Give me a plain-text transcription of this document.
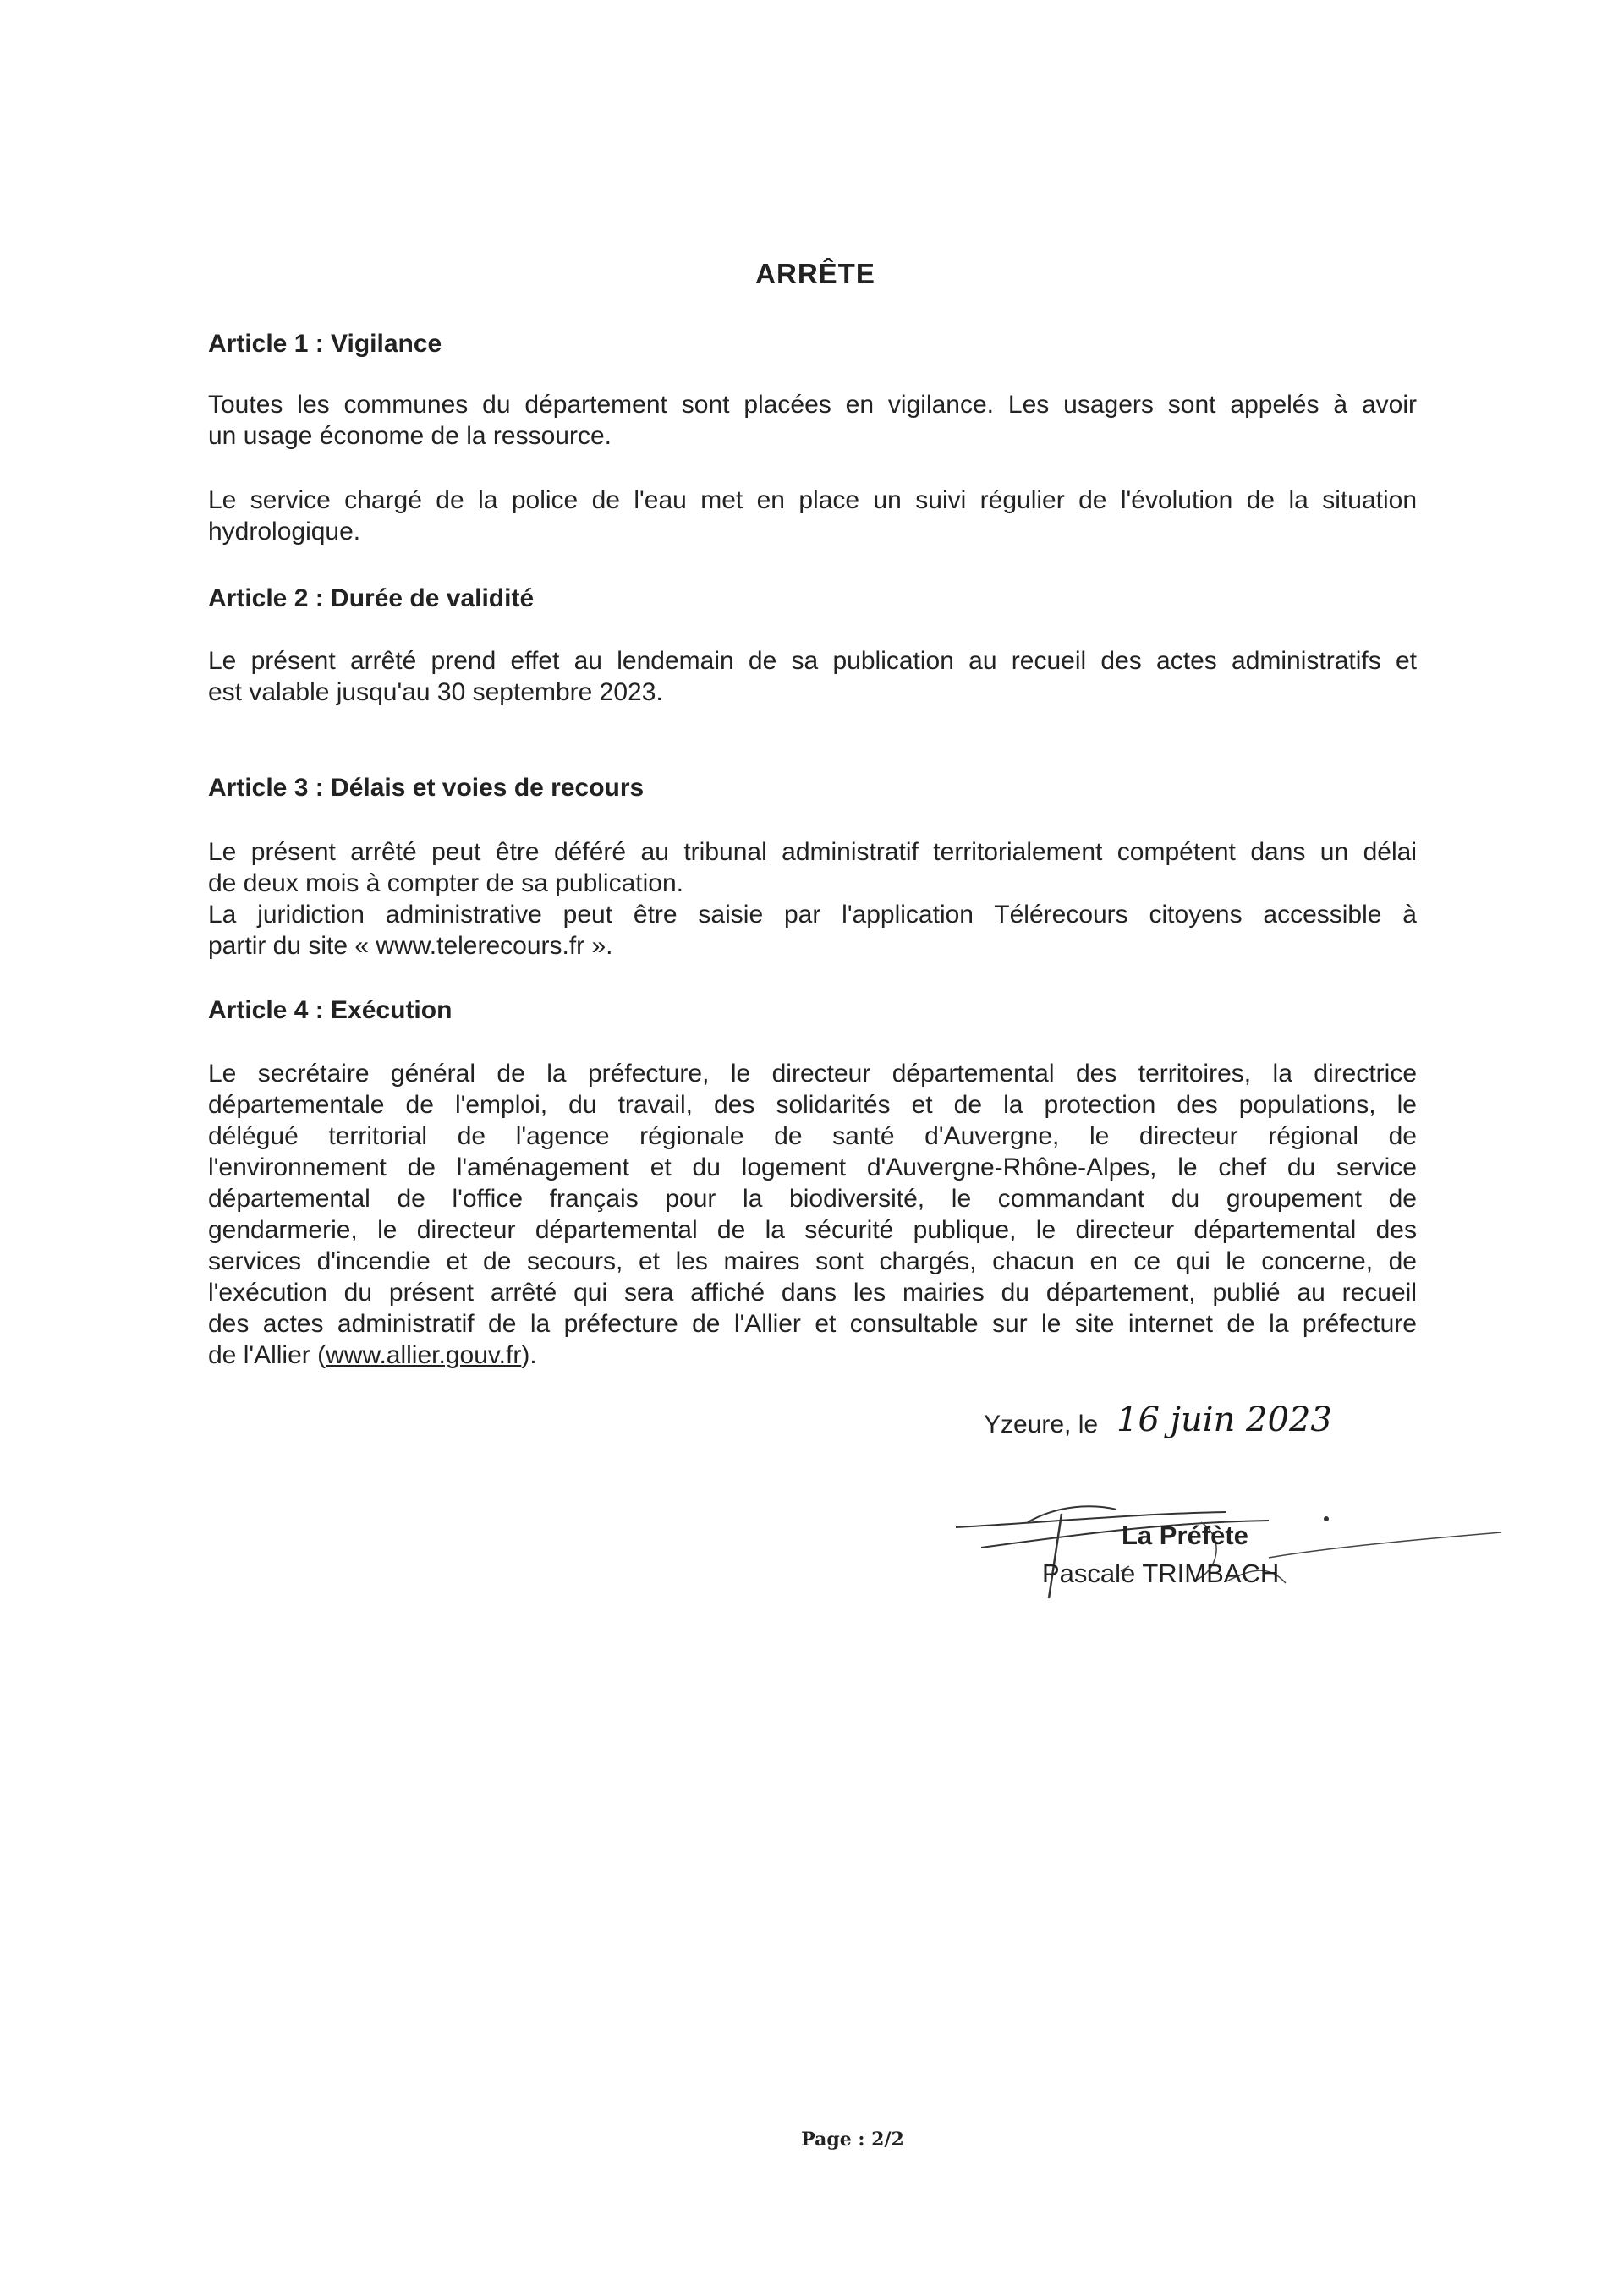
ARRÊTE

Article 1 : Vigilance

Toutes les communes du département sont placées en vigilance. Les usagers sont appelés à avoir
un usage économe de la ressource.

Le service chargé de la police de l'eau met en place un suivi régulier de l'évolution de la situation
hydrologique.

Article 2 : Durée de validité

Le présent arrêté prend effet au lendemain de sa publication au recueil des actes administratifs et
est valable jusqu'au 30 septembre 2023.

Article 3 : Délais et voies de recours

Le présent arrêté peut être déféré au tribunal administratif territorialement compétent dans un délai
de deux mois à compter de sa publication.
La juridiction administrative peut être saisie par l'application Télérecours citoyens accessible à
partir du site « www.telerecours.fr ».

Article 4 : Exécution

Le secrétaire général de la préfecture, le directeur départemental des territoires, la directrice
départementale de l'emploi, du travail, des solidarités et de la protection des populations, le
délégué territorial de l'agence régionale de santé d'Auvergne, le directeur régional de
l'environnement de l'aménagement et du logement d'Auvergne-Rhône-Alpes, le chef du service
départemental de l'office français pour la biodiversité, le commandant du groupement de
gendarmerie, le directeur départemental de la sécurité publique, le directeur départemental des
services d'incendie et de secours, et les maires sont chargés, chacun en ce qui le concerne, de
l'exécution du présent arrêté qui sera affiché dans les mairies du département, publié au recueil
des actes administratif de la préfecture de l'Allier et consultable sur le site internet de la préfecture
de l'Allier (www.allier.gouv.fr).

Yzeure, le 16 juin 2023
La Préfète
Pascale TRIMBACH
Page : 2/2
